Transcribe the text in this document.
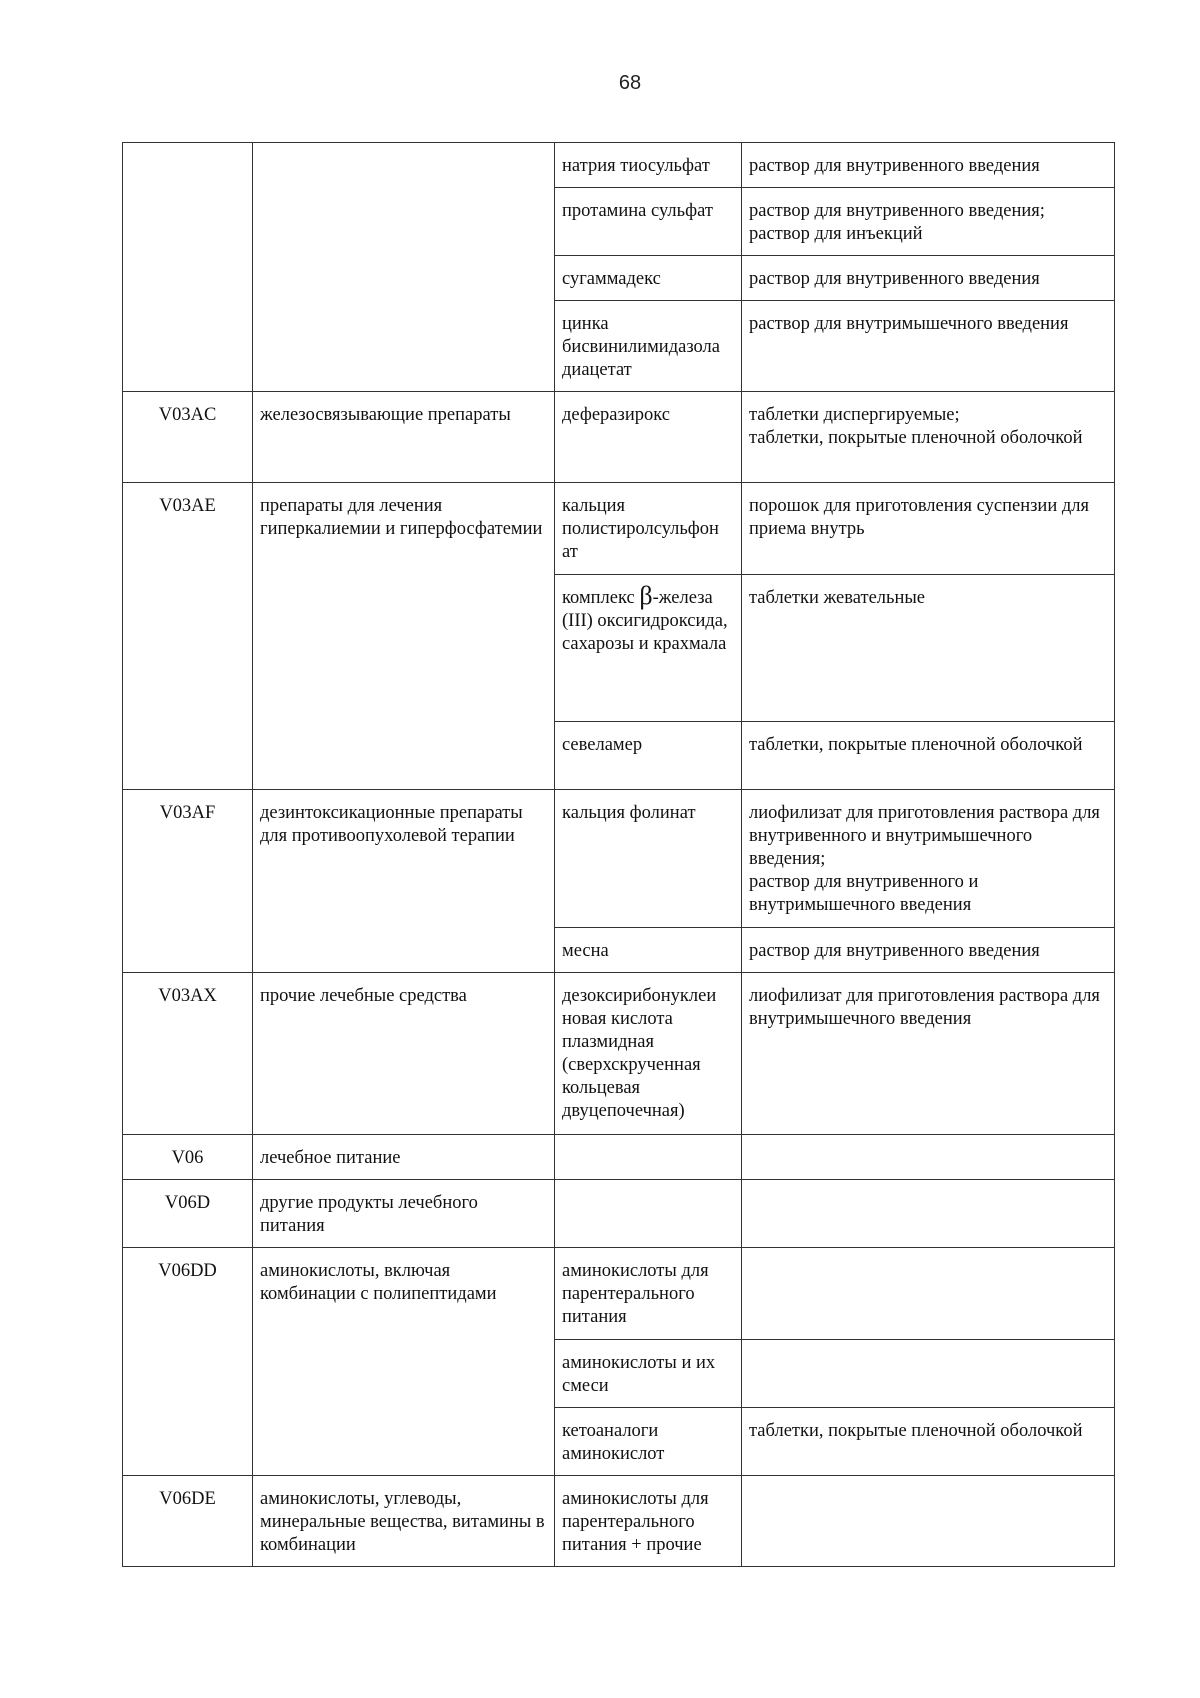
68
		натрия тиосульфат	раствор для внутривенного введения
		протамина сульфат	раствор для внутривенного введения;
раствор для инъекций
		сугаммадекс	раствор для внутривенного введения
		цинка бисвинилимидазола диацетат	раствор для внутримышечного введения
V03AC	железосвязывающие препараты	деферазирокс	таблетки диспергируемые;
таблетки, покрытые пленочной оболочкой
V03AE	препараты для лечения гиперкалиемии и гиперфосфатемии	кальция полистиролсульфон ат	порошок для приготовления суспензии для приема внутрь
		комплекс β-железа (III) оксигидроксида, сахарозы и крахмала	таблетки жевательные
		севеламер	таблетки, покрытые пленочной оболочкой
V03AF	дезинтоксикационные препараты для противоопухолевой терапии	кальция фолинат	лиофилизат для приготовления раствора для внутривенного и внутримышечного введения;
раствор для внутривенного и внутримышечного введения
		месна	раствор для внутривенного введения
V03AX	прочие лечебные средства	дезоксирибонуклеи новая кислота плазмидная (сверхскрученная кольцевая двуцепочечная)	лиофилизат для приготовления раствора для внутримышечного введения
V06	лечебное питание		
V06D	другие продукты лечебного питания		
V06DD	аминокислоты, включая комбинации с полипептидами	аминокислоты для парентерального питания	
		аминокислоты и их смеси	
		кетоаналоги аминокислот	таблетки, покрытые пленочной оболочкой
V06DE	аминокислоты, углеводы, минеральные вещества, витамины в комбинации	аминокислоты для парентерального питания + прочие	
